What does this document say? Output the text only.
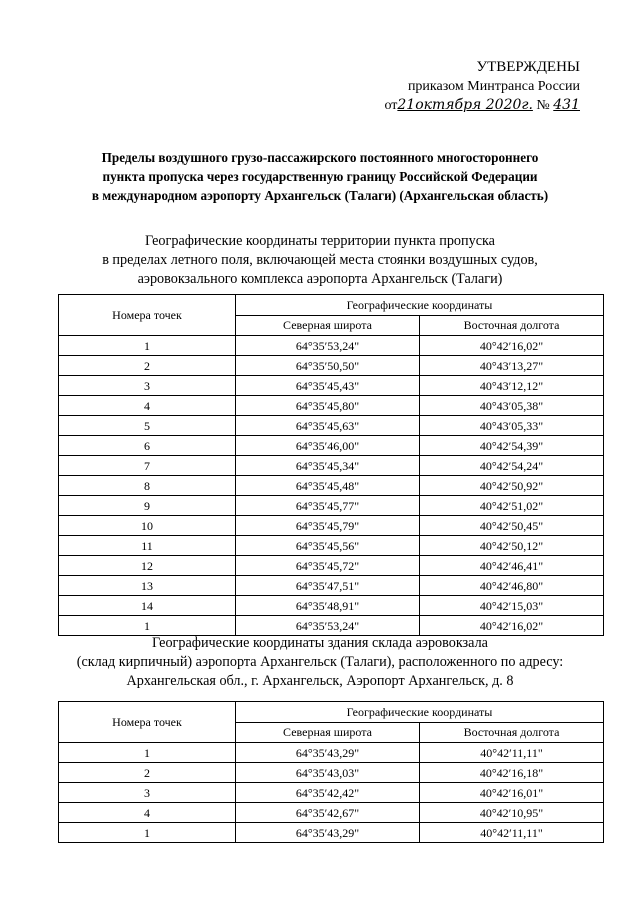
УТВЕРЖДЕНЫ
приказом Минтранса России
от21октября 2020г. № 431
Пределы воздушного грузо-пассажирского постоянного многостороннего
пункта пропуска через государственную границу Российской Федерации
в международном аэропорту Архангельск (Талаги) (Архангельская область)
Географические координаты территории пункта пропуска
в пределах летного поля, включающей места стоянки воздушных судов,
аэровокзального комплекса аэропорта Архангельск (Талаги)
Номера точек	Географические координаты	
	Северная широта	Восточная долгота
1	64°35′53,24"	40°42′16,02"
2	64°35′50,50"	40°43′13,27"
3	64°35′45,43"	40°43′12,12"
4	64°35′45,80"	40°43′05,38"
5	64°35′45,63"	40°43′05,33"
6	64°35′46,00"	40°42′54,39"
7	64°35′45,34"	40°42′54,24"
8	64°35′45,48"	40°42′50,92"
9	64°35′45,77"	40°42′51,02"
10	64°35′45,79"	40°42′50,45"
11	64°35′45,56"	40°42′50,12"
12	64°35′45,72"	40°42′46,41"
13	64°35′47,51"	40°42′46,80"
14	64°35′48,91"	40°42′15,03"
1	64°35′53,24"	40°42′16,02"
Географические координаты здания склада аэровокзала
(склад кирпичный) аэропорта Архангельск (Талаги), расположенного по адресу:
Архангельская обл., г. Архангельск, Аэропорт Архангельск, д. 8
Номера точек	Географические координаты	
	Северная широта	Восточная долгота
1	64°35′43,29"	40°42′11,11"
2	64°35′43,03"	40°42′16,18"
3	64°35′42,42"	40°42′16,01"
4	64°35′42,67"	40°42′10,95"
1	64°35′43,29"	40°42′11,11"
